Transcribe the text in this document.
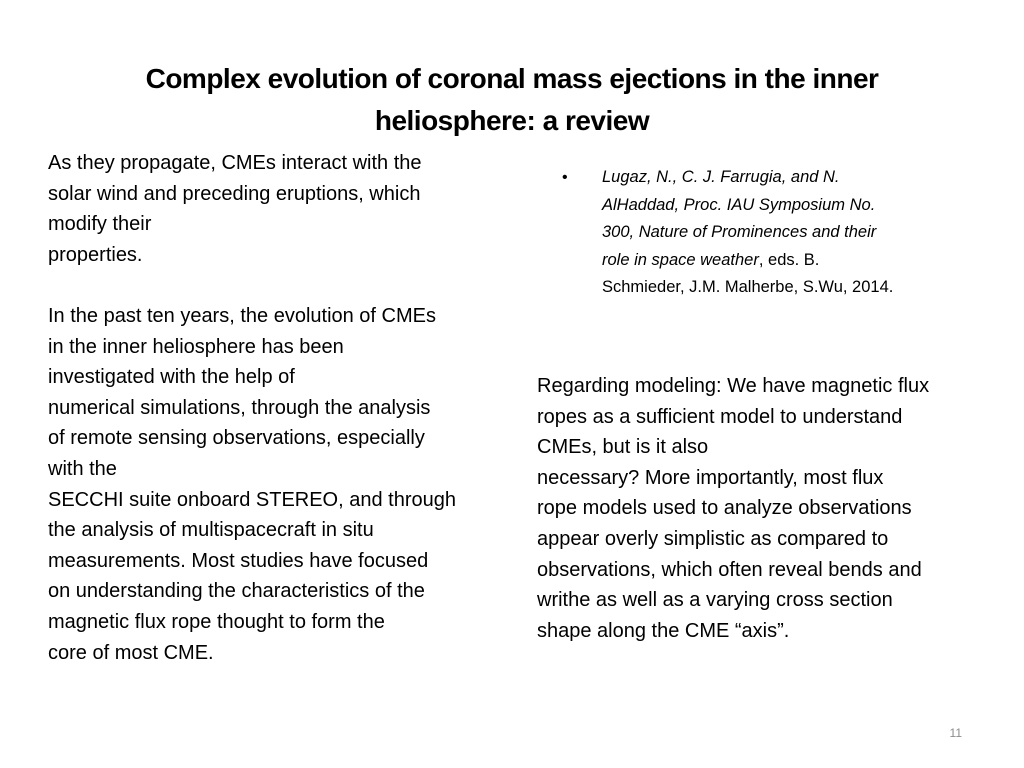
Complex evolution of coronal mass ejections in the inner
heliosphere: a review
As they propagate, CMEs interact with the
solar wind and preceding eruptions, which
modify their
properties.
In the past ten years, the evolution of CMEs
in the inner heliosphere has been
investigated with the help of
numerical simulations, through the analysis
of remote sensing observations, especially
with the
SECCHI suite onboard STEREO, and through
the analysis of multispacecraft in situ
measurements. Most studies have focused
on understanding the characteristics of the
magnetic flux rope thought to form the
core of most CME.
• Lugaz, N., C. J. Farrugia, and N.
AlHaddad, Proc. IAU Symposium No.
300, Nature of Prominences and their
role in space weather, eds. B.
Schmieder, J.M. Malherbe, S.Wu, 2014.
Regarding modeling: We have magnetic flux
ropes as a sufficient model to understand
CMEs, but is it also
necessary? More importantly, most flux
rope models used to analyze observations
appear overly simplistic as compared to
observations, which often reveal bends and
writhe as well as a varying cross section
shape along the CME “axis”.
11
